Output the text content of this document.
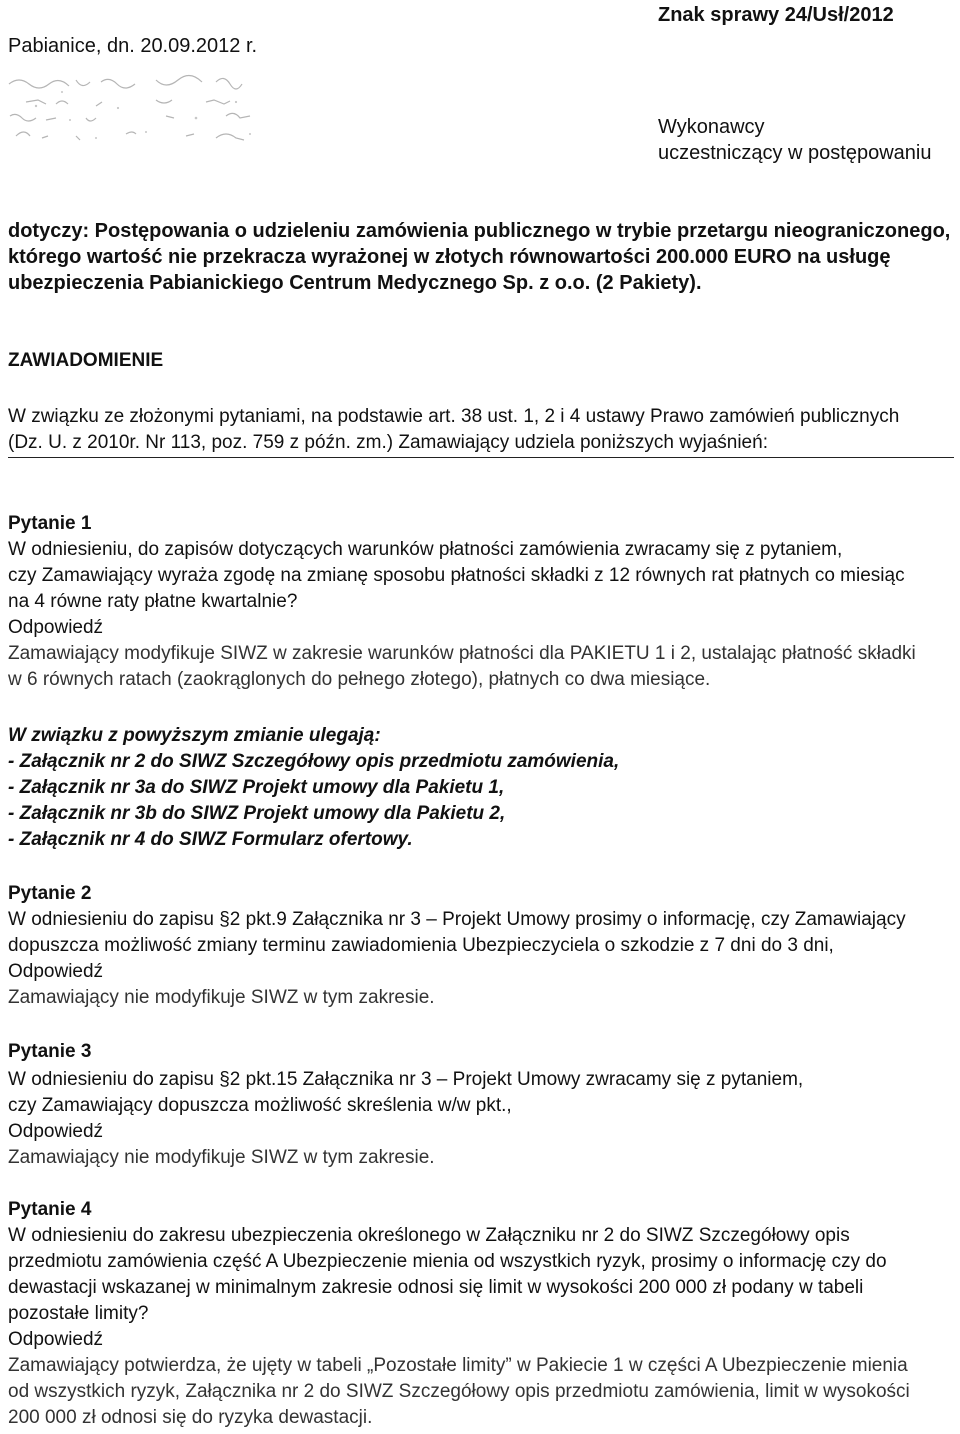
Pabianice, dn. 20.09.2012 r.
Znak sprawy 24/Usł/2012
Wykonawcy
uczestniczący w postępowaniu
dotyczy: Postępowania o udzieleniu zamówienia publicznego w trybie przetargu nieograniczonego,
którego wartość nie przekracza wyrażonej w złotych równowartości 200.000 EURO na usługę
ubezpieczenia Pabianickiego Centrum Medycznego Sp. z o.o. (2 Pakiety).
ZAWIADOMIENIE
W związku ze złożonymi pytaniami, na podstawie art. 38 ust. 1, 2 i 4 ustawy Prawo zamówień publicznych
(Dz. U. z 2010r. Nr 113, poz. 759 z późn. zm.) Zamawiający udziela poniższych wyjaśnień:
Pytanie 1
W odniesieniu, do zapisów dotyczących warunków płatności zamówienia zwracamy się z pytaniem,
czy Zamawiający wyraża zgodę na zmianę sposobu płatności składki z 12 równych rat płatnych co miesiąc
na 4 równe raty płatne kwartalnie?
Odpowiedź
Zamawiający modyfikuje SIWZ w zakresie warunków płatności dla PAKIETU 1 i 2, ustalając płatność składki
w 6 równych ratach (zaokrąglonych do pełnego złotego), płatnych co dwa miesiące.
W związku z powyższym zmianie ulegają:
- Załącznik nr 2 do SIWZ Szczegółowy opis przedmiotu zamówienia,
- Załącznik nr 3a do SIWZ Projekt umowy dla Pakietu 1,
- Załącznik nr 3b do SIWZ Projekt umowy dla Pakietu 2,
- Załącznik nr 4 do SIWZ Formularz ofertowy.
Pytanie 2
W odniesieniu do zapisu §2 pkt.9 Załącznika nr 3 – Projekt Umowy prosimy o informację, czy Zamawiający
dopuszcza możliwość zmiany terminu zawiadomienia Ubezpieczyciela o szkodzie z 7 dni do 3 dni,
Odpowiedź
Zamawiający nie modyfikuje SIWZ w tym zakresie.
Pytanie 3
W odniesieniu do zapisu §2 pkt.15 Załącznika nr 3 – Projekt Umowy zwracamy się z pytaniem,
czy Zamawiający dopuszcza możliwość skreślenia w/w pkt.,
Odpowiedź
Zamawiający nie modyfikuje SIWZ w tym zakresie.
Pytanie 4
W odniesieniu do zakresu ubezpieczenia określonego w Załączniku nr 2 do SIWZ Szczegółowy opis
przedmiotu zamówienia część A Ubezpieczenie mienia od wszystkich ryzyk, prosimy o informację czy do
dewastacji wskazanej w minimalnym zakresie odnosi się limit w wysokości 200 000 zł podany w tabeli
pozostałe limity?
Odpowiedź
Zamawiający potwierdza, że ujęty w tabeli „Pozostałe limity” w Pakiecie 1 w części A Ubezpieczenie mienia
od wszystkich ryzyk, Załącznika nr 2 do SIWZ Szczegółowy opis przedmiotu zamówienia, limit w wysokości
200 000 zł odnosi się do ryzyka dewastacji.
